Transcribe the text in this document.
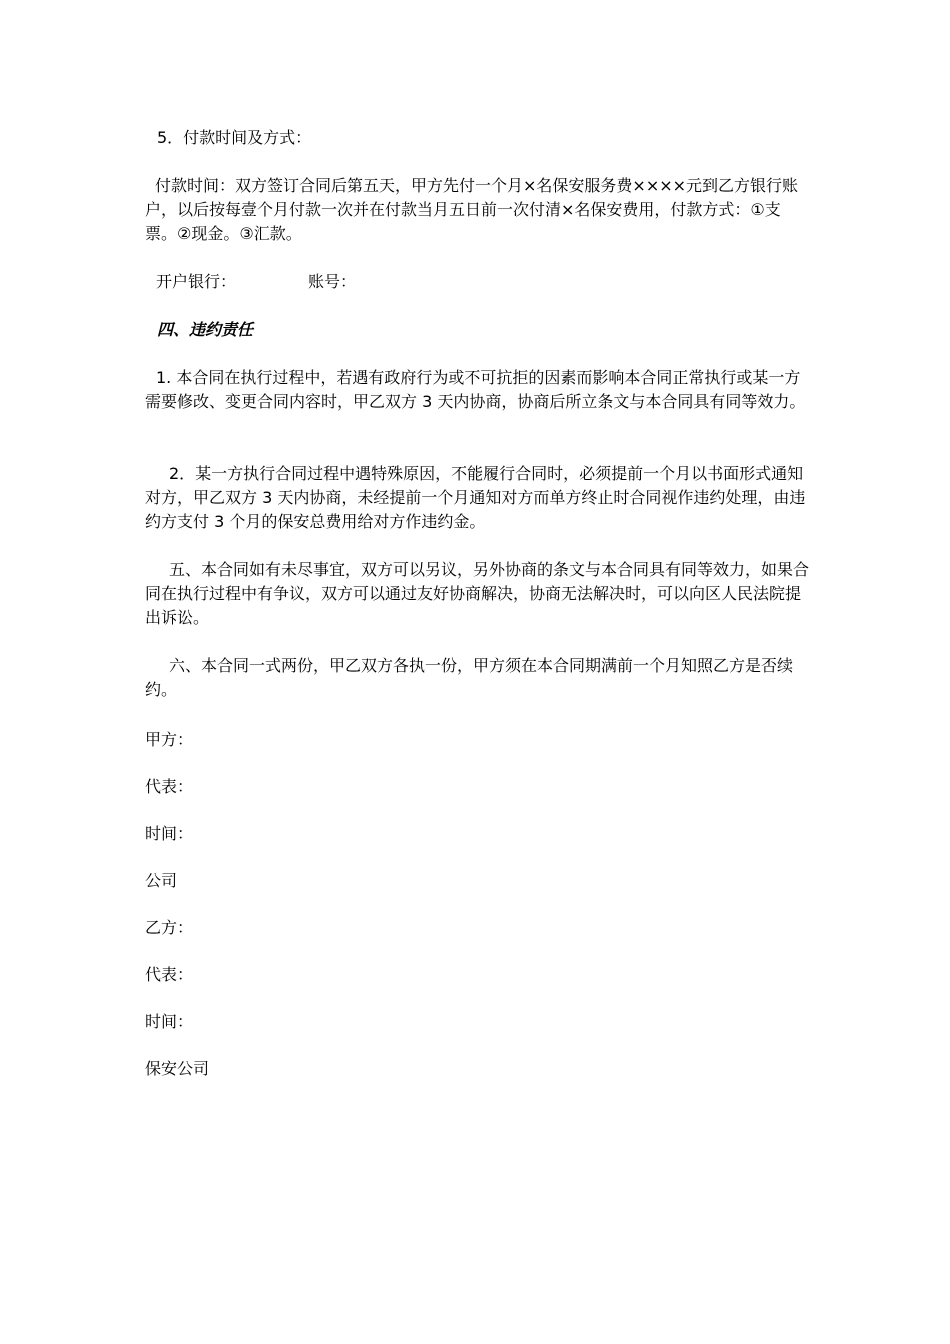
5．付款时间及方式：

付款时间：双方签订合同后第五天，甲方先付一个月×名保安服务费××××元到乙方银行账户，以后按每壹个月付款一次并在付款当月五日前一次付清×名保安费用，付款方式：①支票。②现金。③汇款。

开户银行：	账号：

四、违约责任

1. 本合同在执行过程中，若遇有政府行为或不可抗拒的因素而影响本合同正常执行或某一方需要修改、变更合同内容时，甲乙双方 3 天内协商，协商后所立条文与本合同具有同等效力。

2．某一方执行合同过程中遇特殊原因，不能履行合同时，必须提前一个月以书面形式通知对方，甲乙双方 3 天内协商，未经提前一个月通知对方而单方终止时合同视作违约处理，由违约方支付 3 个月的保安总费用给对方作违约金。

五、本合同如有未尽事宜，双方可以另议，另外协商的条文与本合同具有同等效力，如果合同在执行过程中有争议，双方可以通过友好协商解决，协商无法解决时，可以向区人民法院提出诉讼。

六、本合同一式两份，甲乙双方各执一份，甲方须在本合同期满前一个月知照乙方是否续约。

甲方：

代表：

时间：

公司

乙方：

代表：

时间：

保安公司
